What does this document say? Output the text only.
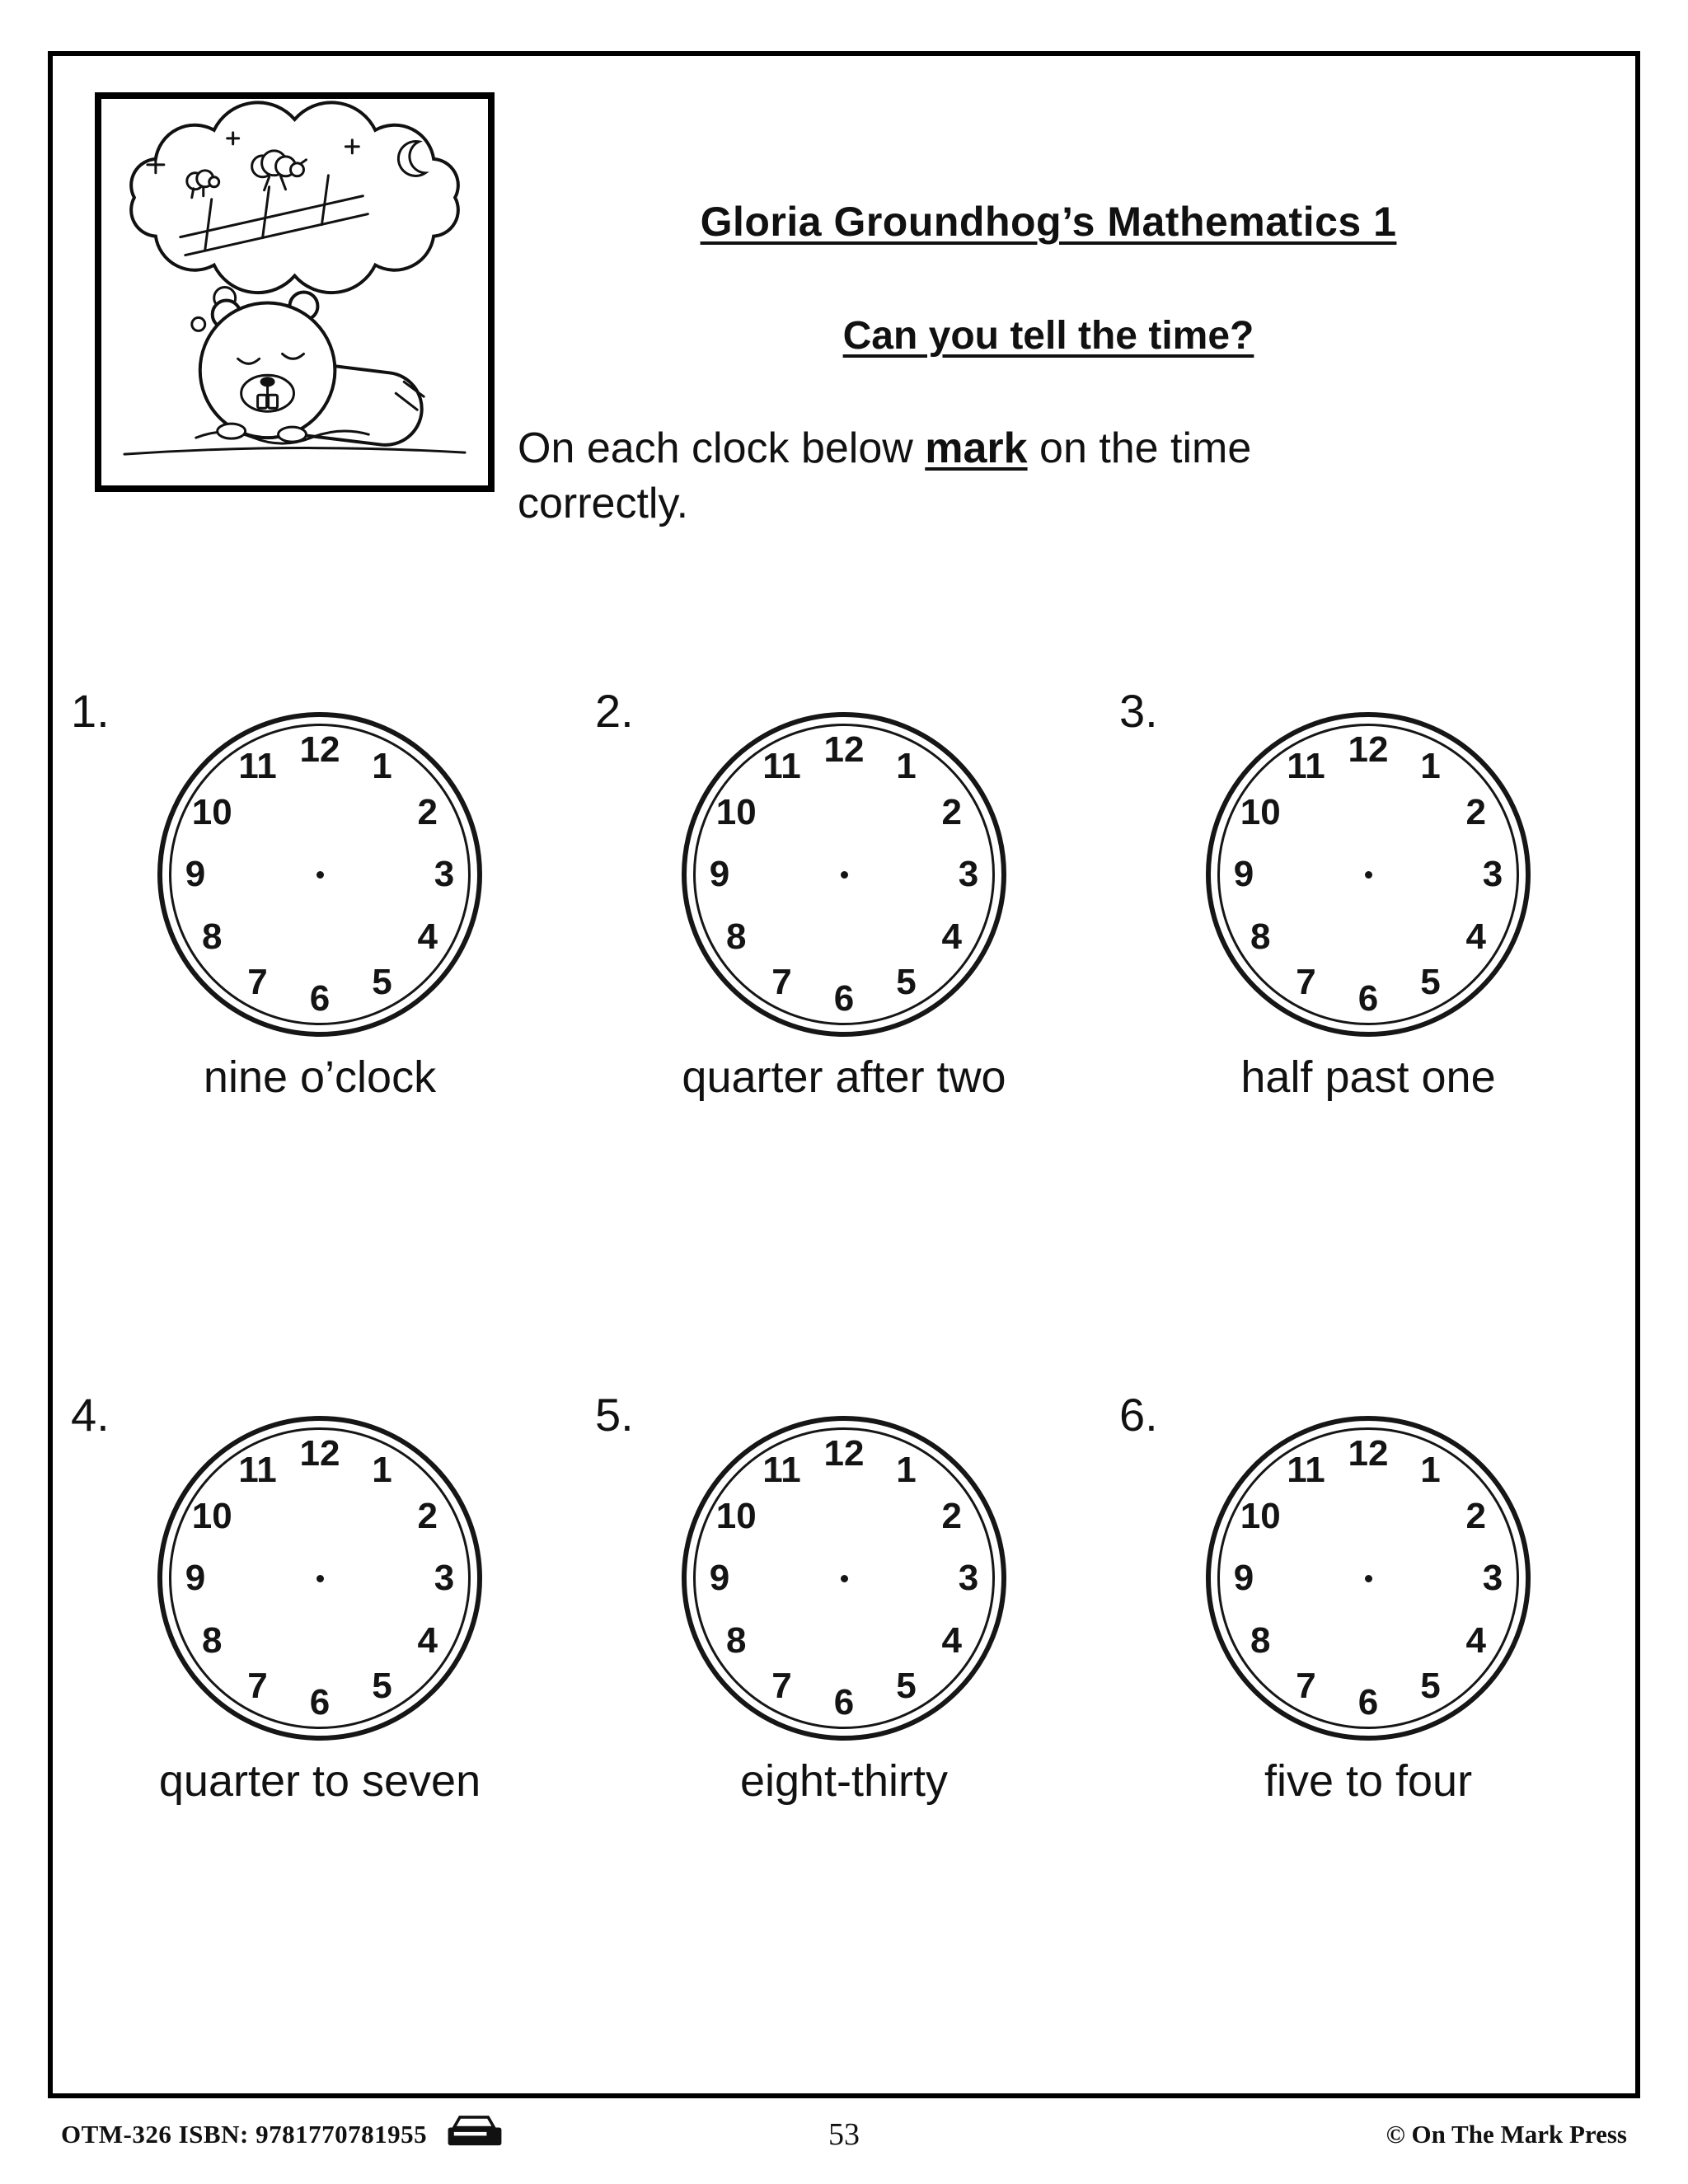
Gloria Groundhog’s Mathematics 1
Can you tell the time?

On each clock below mark on the time correctly.

1.
12 1
2
3
4
5
6
7
8
9
10
11
nine o’clock
2.
12 1
2
3
4
5
6
7
8
9
10
11
quarter after two
3.
12 1
2
3
4
5
6
7
8
9
10
11
half past one
4.
12 1
2
3
4
5
6
7
8
9
10
11
quarter to seven
5.
12 1
2
3
4
5
6
7
8
9
10
11
eight-thirty
6.
12 1
2
3
4
5
6
7
8
9
10
11
five to four
OTM-326 ISBN: 9781770781955	53	© On The Mark Press
